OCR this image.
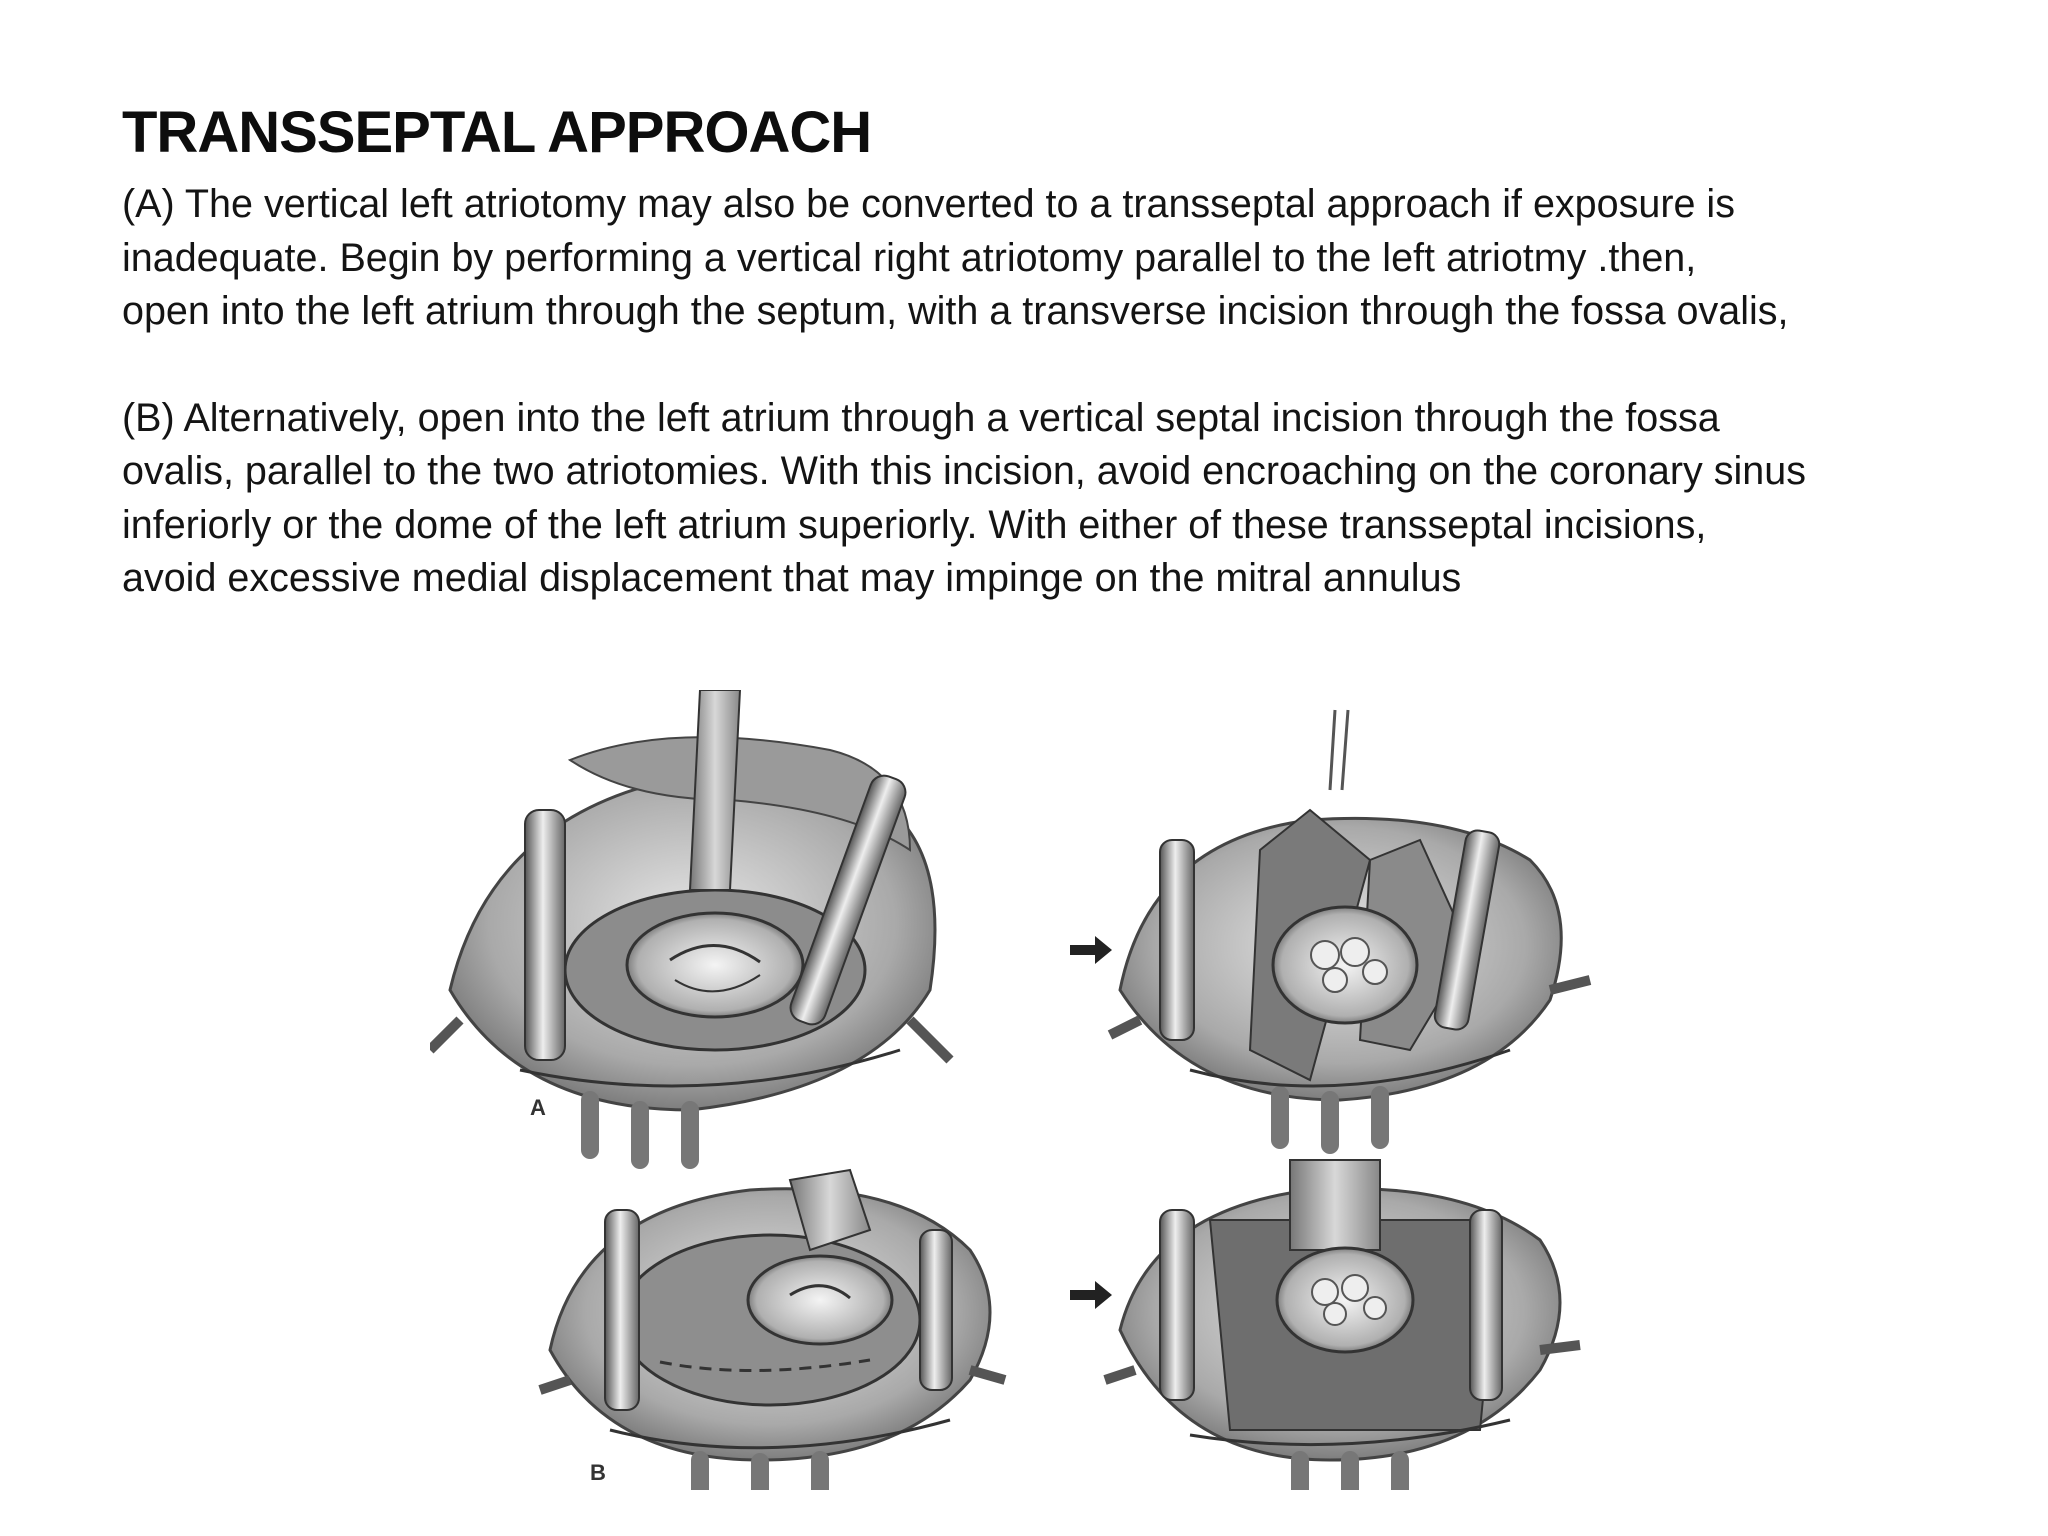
TRANSSEPTAL APPROACH

(A) The vertical left atriotomy may also be converted to a transseptal approach if exposure is
inadequate. Begin by performing a vertical right atriotomy parallel to the left atriotmy .then,
open into the left atrium through the septum, with a transverse incision through the fossa ovalis,

(B) Alternatively, open into the left atrium through a vertical septal incision through the fossa
ovalis, parallel to the two atriotomies. With this incision, avoid encroaching on the coronary sinus
inferiorly or the dome of the left atrium superiorly. With either of these transseptal incisions,
avoid excessive medial displacement that may impinge on the mitral annulus

A
B
